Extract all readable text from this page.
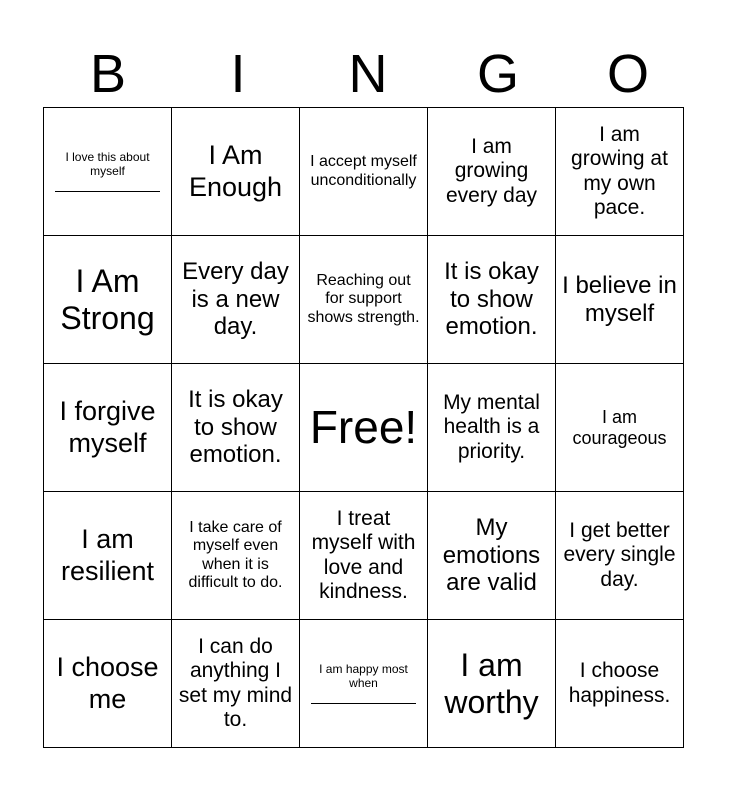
B	I	N	G	O
I love this about myself	I Am Enough	I accept myself unconditionally	I am growing every day	I am growing at my own pace.
I Am Strong	Every day is a new day.	Reaching out for support shows strength.	It is okay to show emotion.	I believe in myself
I forgive myself	It is okay to show emotion.	Free!	My mental health is a priority.	I am courageous
I am resilient	I take care of myself even when it is difficult to do.	I treat myself with love and kindness.	My emotions are valid	I get better every single day.
I choose me	I can do anything I set my mind to.	I am happy most when	I am worthy	I choose happiness.
